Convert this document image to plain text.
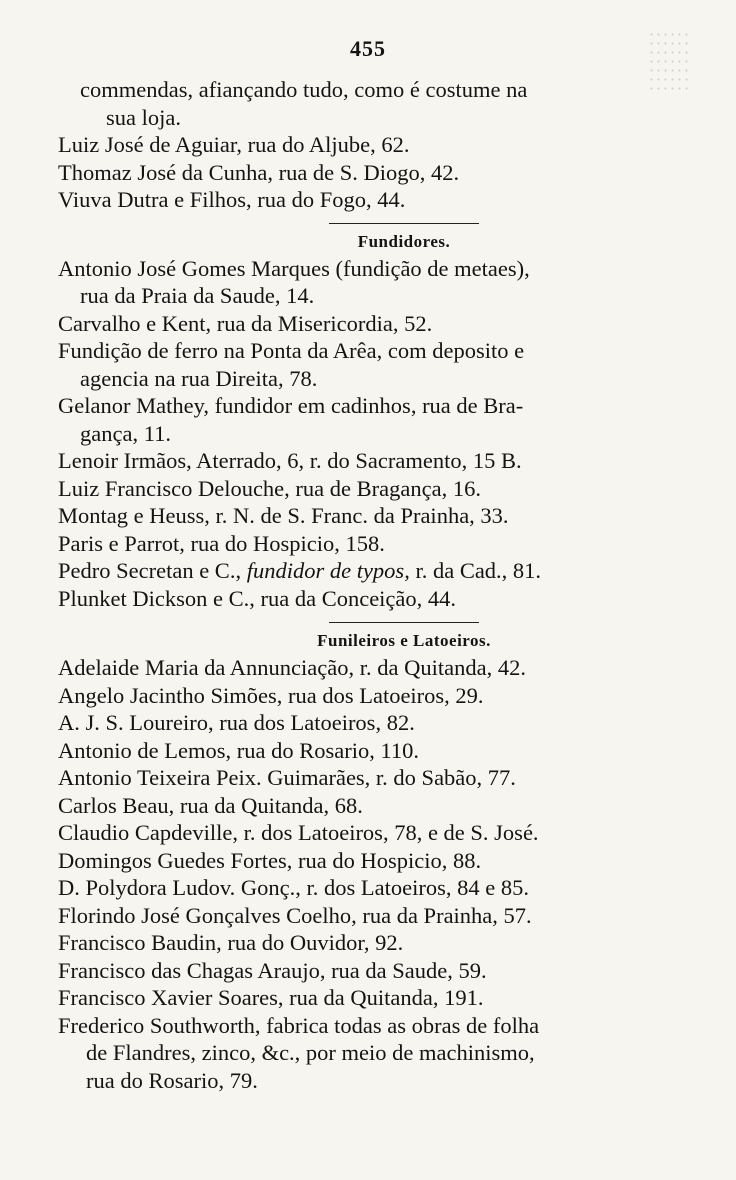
455
commendas, afiançando tudo, como é costume na
sua loja.
Luiz José de Aguiar, rua do Aljube, 62.
Thomaz José da Cunha, rua de S. Diogo, 42.
Viuva Dutra e Filhos, rua do Fogo, 44.
Fundidores.
Antonio José Gomes Marques (fundição de metaes),
rua da Praia da Saude, 14.
Carvalho e Kent, rua da Misericordia, 52.
Fundição de ferro na Ponta da Arêa, com deposito e
agencia na rua Direita, 78.
Gelanor Mathey, fundidor em cadinhos, rua de Bra-
gança, 11.
Lenoir Irmãos, Aterrado, 6, r. do Sacramento, 15 B.
Luiz Francisco Delouche, rua de Bragança, 16.
Montag e Heuss, r. N. de S. Franc. da Prainha, 33.
Paris e Parrot, rua do Hospicio, 158.
Pedro Secretan e C., fundidor de typos, r. da Cad., 81.
Plunket Dickson e C., rua da Conceição, 44.
Funileiros e Latoeiros.
Adelaide Maria da Annunciação, r. da Quitanda, 42.
Angelo Jacintho Simões, rua dos Latoeiros, 29.
A. J. S. Loureiro, rua dos Latoeiros, 82.
Antonio de Lemos, rua do Rosario, 110.
Antonio Teixeira Peix. Guimarães, r. do Sabão, 77.
Carlos Beau, rua da Quitanda, 68.
Claudio Capdeville, r. dos Latoeiros, 78, e de S. José.
Domingos Guedes Fortes, rua do Hospicio, 88.
D. Polydora Ludov. Gonç., r. dos Latoeiros, 84 e 85.
Florindo José Gonçalves Coelho, rua da Prainha, 57.
Francisco Baudin, rua do Ouvidor, 92.
Francisco das Chagas Araujo, rua da Saude, 59.
Francisco Xavier Soares, rua da Quitanda, 191.
Frederico Southworth, fabrica todas as obras de folha
de Flandres, zinco, &c., por meio de machinismo,
rua do Rosario, 79.
